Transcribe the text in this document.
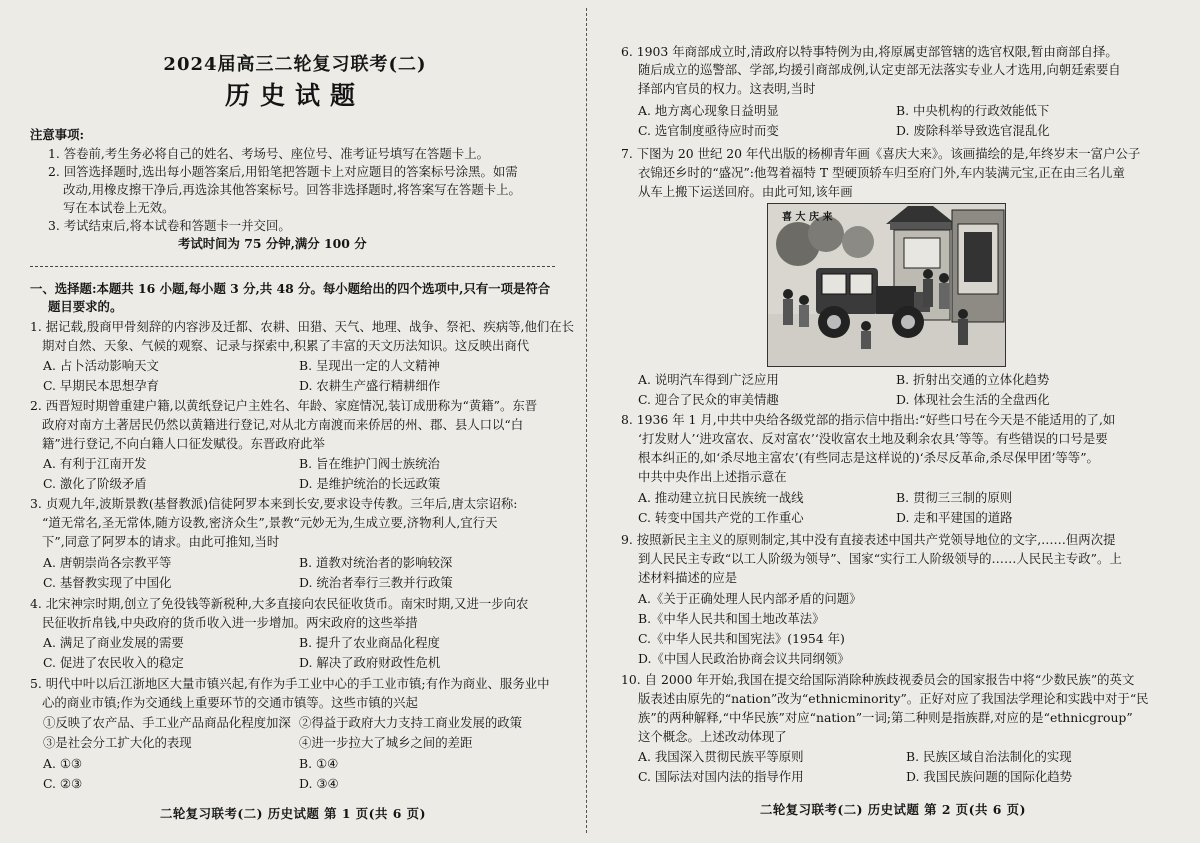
2024届高三二轮复习联考(二)
历史试题
注意事项:
1. 答卷前,考生务必将自己的姓名、考场号、座位号、准考证号填写在答题卡上。
2. 回答选择题时,选出每小题答案后,用铅笔把答题卡上对应题目的答案标号涂黑。如需
改动,用橡皮擦干净后,再选涂其他答案标号。回答非选择题时,将答案写在答题卡上。
写在本试卷上无效。
3. 考试结束后,将本试卷和答题卡一并交回。
考试时间为 75 分钟,满分 100 分
一、选择题:本题共 16 小题,每小题 3 分,共 48 分。每小题给出的四个选项中,只有一项是符合
题目要求的。
1. 据记载,殷商甲骨刻辞的内容涉及迁都、农耕、田猎、天气、地理、战争、祭祀、疾病等,他们在长
期对自然、天象、气候的观察、记录与探索中,积累了丰富的天文历法知识。这反映出商代
A. 占卜活动影响天文	B. 呈现出一定的人文精神
C. 早期民本思想孕育	D. 农耕生产盛行精耕细作
2. 西晋短时期曾重建户籍,以黄纸登记户主姓名、年龄、家庭情况,装订成册称为“黄籍”。东晋
政府对南方土著居民仍然以黄籍进行登记,对从北方南渡而来侨居的州、郡、县人口以“白
籍”进行登记,不向白籍人口征发赋役。东晋政府此举
A. 有利于江南开发	B. 旨在维护门阀士族统治
C. 激化了阶级矛盾	D. 是维护统治的长远政策
3. 贞观九年,波斯景教(基督教派)信徒阿罗本来到长安,要求设寺传教。三年后,唐太宗诏称:
“道无常名,圣无常体,随方设教,密济众生”,景教“元妙无为,生成立要,济物利人,宜行天
下”,同意了阿罗本的请求。由此可推知,当时
A. 唐朝崇尚各宗教平等	B. 道教对统治者的影响较深
C. 基督教实现了中国化	D. 统治者奉行三教并行政策
4. 北宋神宗时期,创立了免役钱等新税种,大多直接向农民征收货币。南宋时期,又进一步向农
民征收折帛钱,中央政府的货币收入进一步增加。两宋政府的这些举措
A. 满足了商业发展的需要	B. 提升了农业商品化程度
C. 促进了农民收入的稳定	D. 解决了政府财政性危机
5. 明代中叶以后江浙地区大量市镇兴起,有作为手工业中心的手工业市镇;有作为商业、服务业中
心的商业市镇;作为交通线上重要环节的交通市镇等。这些市镇的兴起
①反映了农产品、手工业产品商品化程度加深 ②得益于政府大力支持工商业发展的政策
③是社会分工扩大化的表现	④进一步拉大了城乡之间的差距
A. ①③	B. ①④
C. ②③	D. ③④
二轮复习联考(二) 历史试题 第 1 页(共 6 页)
6. 1903 年商部成立时,清政府以特事特例为由,将原属吏部管辖的选官权限,暂由商部自择。
随后成立的巡警部、学部,均援引商部成例,认定吏部无法落实专业人才选用,向朝廷索要自
择部内官员的权力。这表明,当时
A. 地方离心现象日益明显	B. 中央机构的行政效能低下
C. 选官制度亟待应时而变	D. 废除科举导致选官混乱化
7. 下图为 20 世纪 20 年代出版的杨柳青年画《喜庆大来》。该画描绘的是,年终岁末一富户公子
衣锦还乡时的“盛况”:他驾着福特 T 型硬顶轿车归至府门外,车内装满元宝,正在由三名儿童
从车上搬下运送回府。由此可知,该年画
A. 说明汽车得到广泛应用	B. 折射出交通的立体化趋势
C. 迎合了民众的审美情趣	D. 体现社会生活的全盘西化
8. 1936 年 1 月,中共中央给各级党部的指示信中指出:“好些口号在今天是不能适用的了,如
‘打发财人’‘进攻富农、反对富农’‘没收富农土地及剩余农具’等等。有些错误的口号是要
根本纠正的,如‘杀尽地主富农’(有些同志是这样说的)‘杀尽反革命,杀尽保甲团’等等”。
中共中央作出上述指示意在
A. 推动建立抗日民族统一战线	B. 贯彻三三制的原则
C. 转变中国共产党的工作重心	D. 走和平建国的道路
9. 按照新民主主义的原则制定,其中没有直接表述中国共产党领导地位的文字,……但两次提
到人民民主专政“以工人阶级为领导”、国家“实行工人阶级领导的……人民民主专政”。上
述材料描述的应是
A.《关于正确处理人民内部矛盾的问题》
B.《中华人民共和国土地改革法》
C.《中华人民共和国宪法》(1954 年)
D.《中国人民政治协商会议共同纲领》
10. 自 2000 年开始,我国在提交给国际消除种族歧视委员会的国家报告中将“少数民族”的英文
版表述由原先的“nation”改为“ethnicminority”。正好对应了我国法学理论和实践中对于“民
族”的两种解释,“中华民族”对应“nation”一词;第二种则是指族群,对应的是“ethnicgroup”
这个概念。上述改动体现了
A. 我国深入贯彻民族平等原则	B. 民族区域自治法制化的实现
C. 国际法对国内法的指导作用	D. 我国民族问题的国际化趋势
二轮复习联考(二) 历史试题 第 2 页(共 6 页)
喜 大 庆 来
